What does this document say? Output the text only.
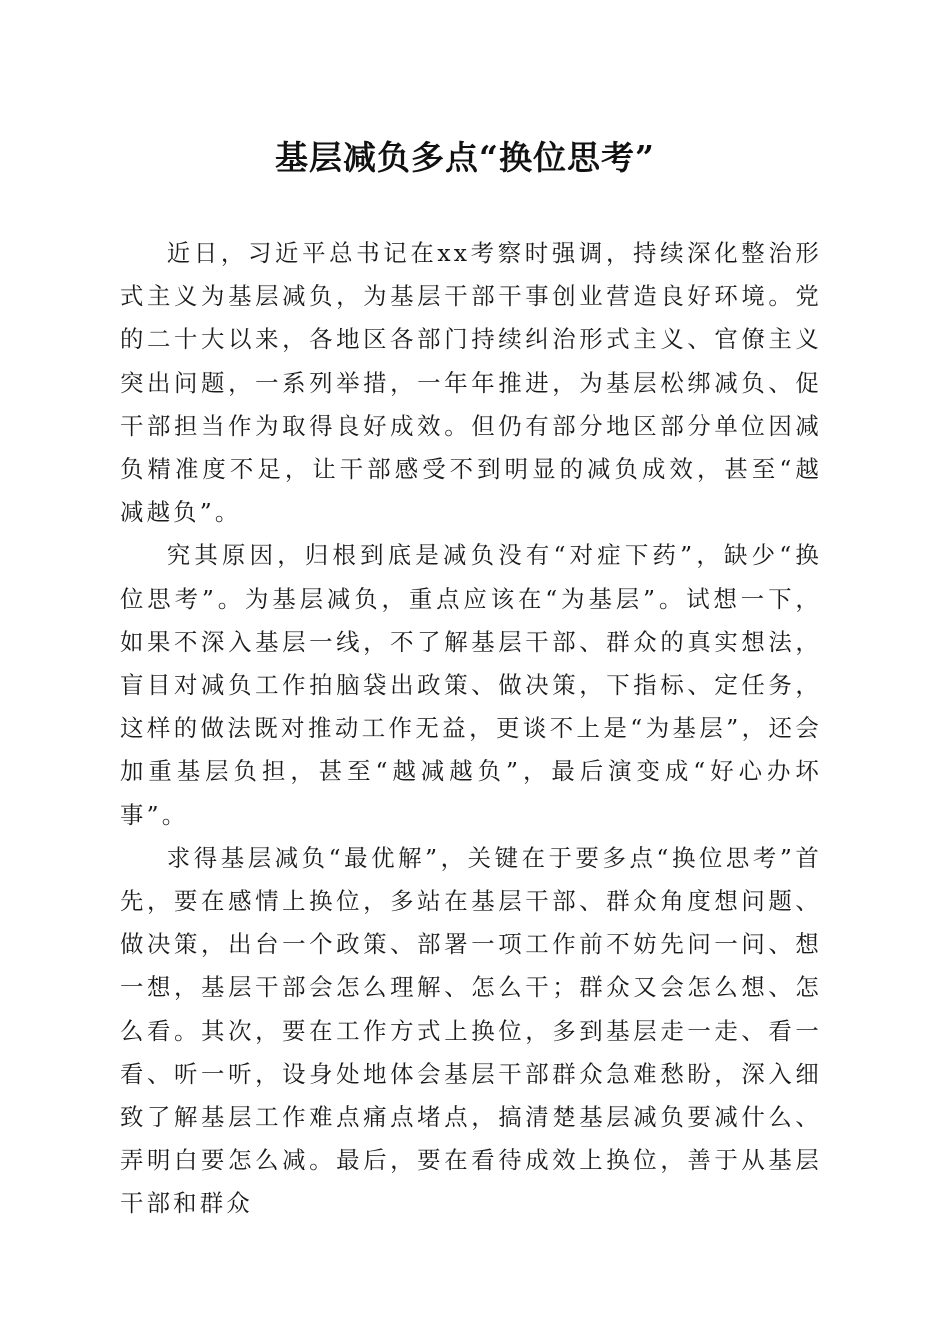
基层减负多点“换位思考”

近日，习近平总书记在xx考察时强调，持续深化整治形式主义为基层减负，为基层干部干事创业营造良好环境。党的二十大以来，各地区各部门持续纠治形式主义、官僚主义突出问题，一系列举措，一年年推进，为基层松绑减负、促干部担当作为取得良好成效。但仍有部分地区部分单位因减负精准度不足，让干部感受不到明显的减负成效，甚至“越减越负”。

究其原因，归根到底是减负没有“对症下药”，缺少“换位思考”。为基层减负，重点应该在“为基层”。试想一下，如果不深入基层一线，不了解基层干部、群众的真实想法，盲目对减负工作拍脑袋出政策、做决策，下指标、定任务，这样的做法既对推动工作无益，更谈不上是“为基层”，还会加重基层负担，甚至“越减越负”，最后演变成“好心办坏事”。

求得基层减负“最优解”，关键在于要多点“换位思考”首先，要在感情上换位，多站在基层干部、群众角度想问题、做决策，出台一个政策、部署一项工作前不妨先问一问、想一想，基层干部会怎么理解、怎么干；群众又会怎么想、怎么看。其次，要在工作方式上换位，多到基层走一走、看一看、听一听，设身处地体会基层干部群众急难愁盼，深入细致了解基层工作难点痛点堵点，搞清楚基层减负要减什么、弄明白要怎么减。最后，要在看待成效上换位，善于从基层干部和群众
